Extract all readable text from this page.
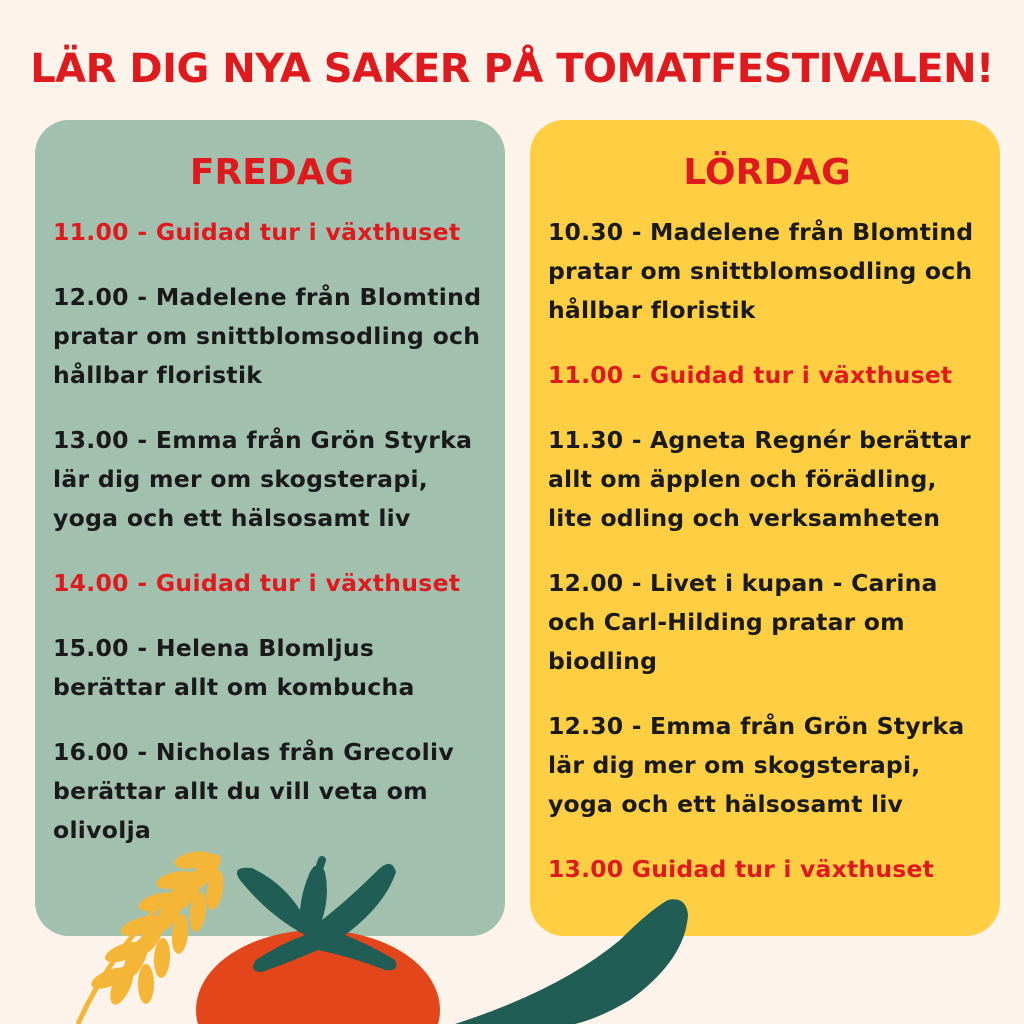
LÄR DIG NYA SAKER PÅ TOMATFESTIVALEN!
FREDAG

11.00 - Guidad tur i växthuset

12.00 - Madelene från Blomtind pratar om snittblomsodling och hållbar floristik

13.00 - Emma från Grön Styrka lär dig mer om skogsterapi, yoga och ett hälsosamt liv

14.00 - Guidad tur i växthuset

15.00 - Helena Blomljus berättar allt om kombucha

16.00 - Nicholas från Grecoliv berättar allt du vill veta om olivolja

LÖRDAG

10.30 - Madelene från Blomtind pratar om snittblomsodling och hållbar floristik

11.00 - Guidad tur i växthuset

11.30 - Agneta Regnér berättar allt om äpplen och förädling, lite odling och verksamheten

12.00 - Livet i kupan - Carina och Carl-Hilding pratar om biodling

12.30 - Emma från Grön Styrka lär dig mer om skogsterapi, yoga och ett hälsosamt liv

13.00 Guidad tur i växthuset
